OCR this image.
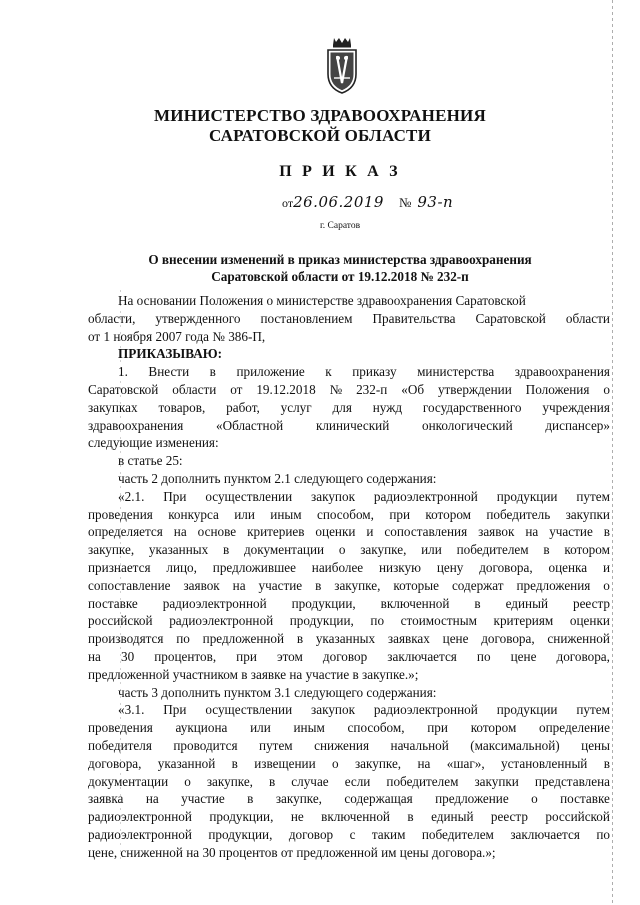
МИНИСТЕРСТВО ЗДРАВООХРАНЕНИЯ
САРАТОВСКОЙ ОБЛАСТИ
П Р И К А З
от26.06.2019 № 93-п
г. Саратов
О внесении изменений в приказ министерства здравоохранения
Саратовской области от 19.12.2018 № 232-п
На основании Положения о министерстве здравоохранения Саратовской
области, утвержденного постановлением Правительства Саратовской области
от 1 ноября 2007 года № 386-П,
ПРИКАЗЫВАЮ:
1. Внести в приложение к приказу министерства здравоохранения
Саратовской области от 19.12.2018 № 232-п «Об утверждении Положения о
закупках товаров, работ, услуг для нужд государственного учреждения
здравоохранения «Областной клинический онкологический диспансер»
следующие изменения:
в статье 25:
часть 2 дополнить пунктом 2.1 следующего содержания:
«2.1. При осуществлении закупок радиоэлектронной продукции путем
проведения конкурса или иным способом, при котором победитель закупки
определяется на основе критериев оценки и сопоставления заявок на участие в
закупке, указанных в документации о закупке, или победителем в котором
признается лицо, предложившее наиболее низкую цену договора, оценка и
сопоставление заявок на участие в закупке, которые содержат предложения о
поставке радиоэлектронной продукции, включенной в единый реестр
российской радиоэлектронной продукции, по стоимостным критериям оценки
производятся по предложенной в указанных заявках цене договора, сниженной
на 30 процентов, при этом договор заключается по цене договора,
предложенной участником в заявке на участие в закупке.»;
часть 3 дополнить пунктом 3.1 следующего содержания:
«3.1. При осуществлении закупок радиоэлектронной продукции путем
проведения аукциона или иным способом, при котором определение
победителя проводится путем снижения начальной (максимальной) цены
договора, указанной в извещении о закупке, на «шаг», установленный в
документации о закупке, в случае если победителем закупки представлена
заявка на участие в закупке, содержащая предложение о поставке
радиоэлектронной продукции, не включенной в единый реестр российской
радиоэлектронной продукции, договор с таким победителем заключается по
цене, сниженной на 30 процентов от предложенной им цены договора.»;
